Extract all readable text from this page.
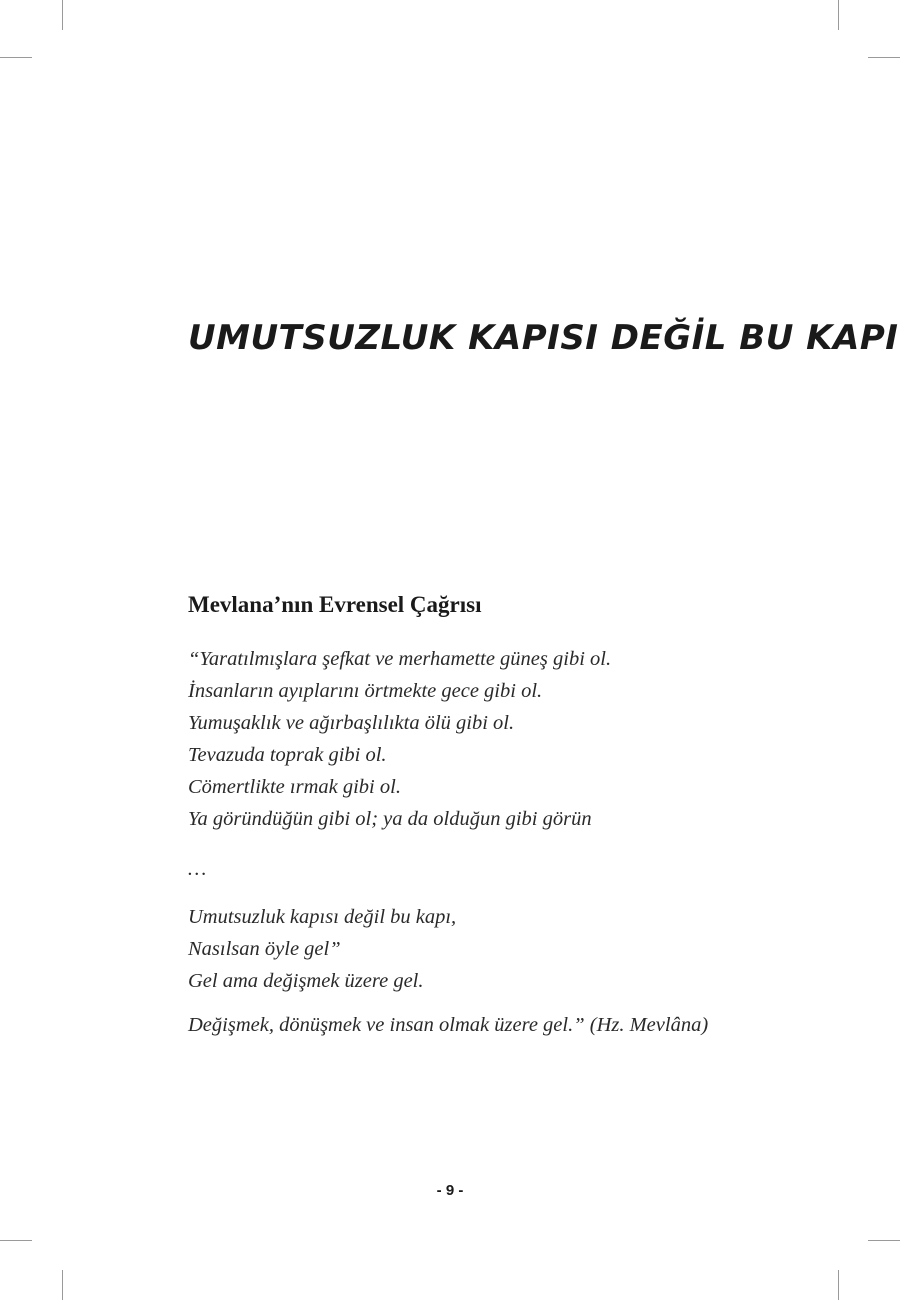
UMUTSUZLUK KAPISI DEĞİL BU KAPI
Mevlana’nın Evrensel Çağrısı
“Yaratılmışlara şefkat ve merhamette güneş gibi ol.
İnsanların ayıplarını örtmekte gece gibi ol.
Yumuşaklık ve ağırbaşlılıkta ölü gibi ol.
Tevazuda toprak gibi ol.
Cömertlikte ırmak gibi ol.
Ya göründüğün gibi ol; ya da olduğun gibi görün
…
Umutsuzluk kapısı değil bu kapı,
Nasılsan öyle gel”
Gel ama değişmek üzere gel.
Değişmek, dönüşmek ve insan olmak üzere gel.” (Hz. Mevlâna)
- 9 -
